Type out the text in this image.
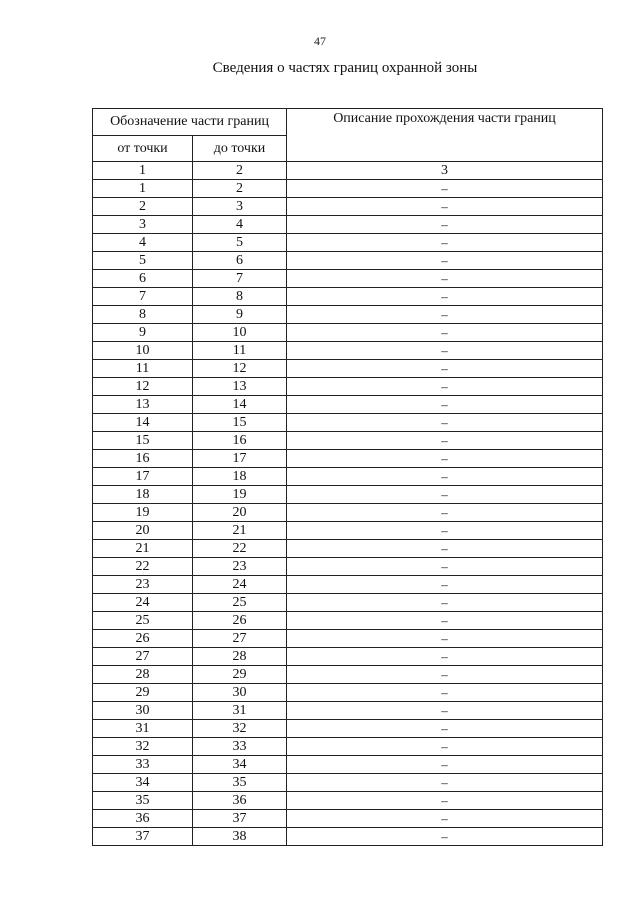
47
Сведения о частях границ охранной зоны
Обозначение части границ		Описание прохождения части границ
от точки	до точки	
1	2	3
1	2	–
2	3	–
3	4	–
4	5	–
5	6	–
6	7	–
7	8	–
8	9	–
9	10	–
10	11	–
11	12	–
12	13	–
13	14	–
14	15	–
15	16	–
16	17	–
17	18	–
18	19	–
19	20	–
20	21	–
21	22	–
22	23	–
23	24	–
24	25	–
25	26	–
26	27	–
27	28	–
28	29	–
29	30	–
30	31	–
31	32	–
32	33	–
33	34	–
34	35	–
35	36	–
36	37	–
37	38	–
